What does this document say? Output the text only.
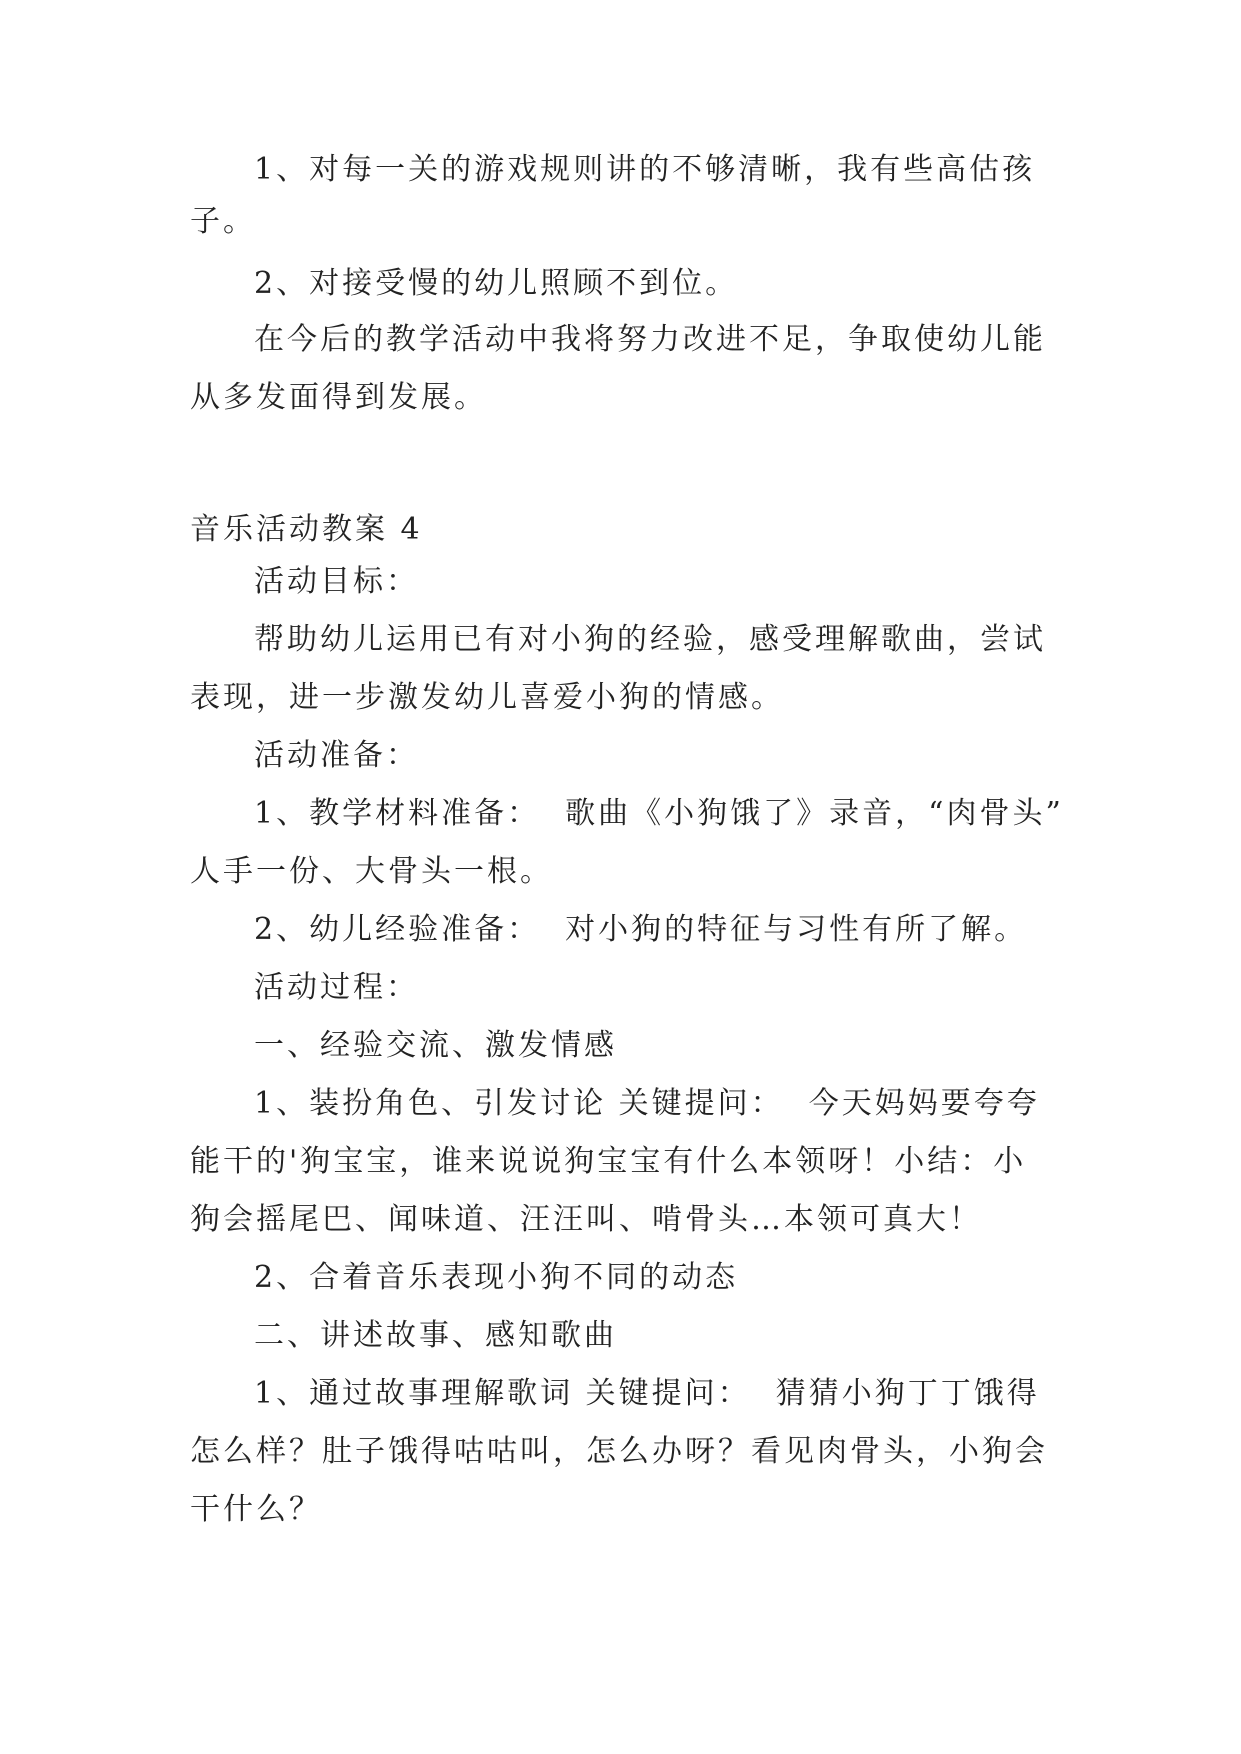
1、对每一关的游戏规则讲的不够清晰，我有些高估孩
子。
2、对接受慢的幼儿照顾不到位。
在今后的教学活动中我将努力改进不足，争取使幼儿能
从多发面得到发展。
音乐活动教案 4
活动目标：
帮助幼儿运用已有对小狗的经验，感受理解歌曲，尝试
表现，进一步激发幼儿喜爱小狗的情感。
活动准备：
1、教学材料准备：  歌曲《小狗饿了》录音，“肉骨头”
人手一份、大骨头一根。
2、幼儿经验准备：  对小狗的特征与习性有所了解。
活动过程：
一、经验交流、激发情感
1、装扮角色、引发讨论 关键提问：  今天妈妈要夸夸
能干的'狗宝宝，谁来说说狗宝宝有什么本领呀！小结：小
狗会摇尾巴、闻味道、汪汪叫、啃骨头…本领可真大！
2、合着音乐表现小狗不同的动态
二、讲述故事、感知歌曲
1、通过故事理解歌词 关键提问：  猜猜小狗丁丁饿得
怎么样？肚子饿得咕咕叫，怎么办呀？看见肉骨头，小狗会
干什么？
